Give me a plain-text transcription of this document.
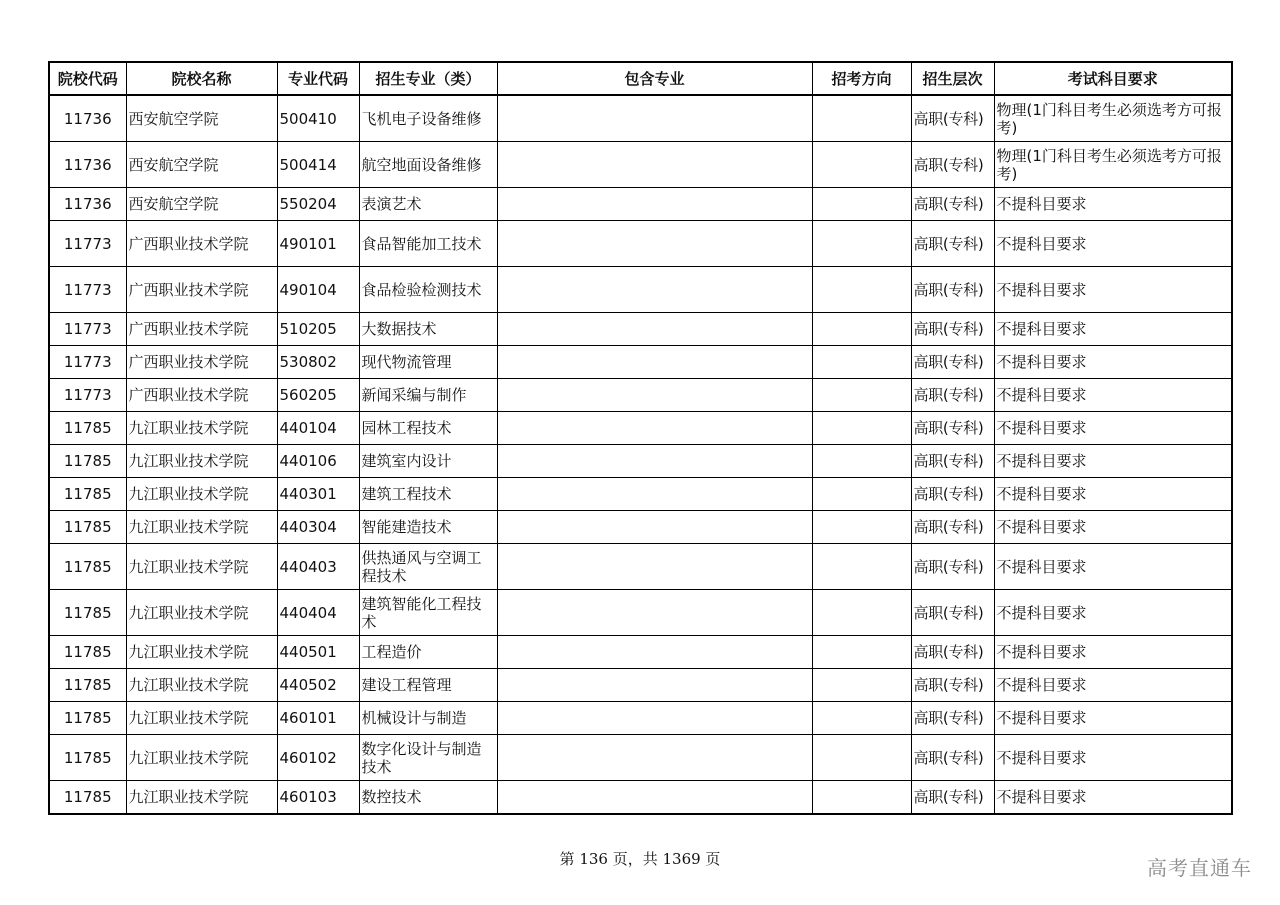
院校代码	院校名称	专业代码	招生专业（类）	包含专业	招考方向	招生层次	考试科目要求
11736	西安航空学院	500410	飞机电子设备维修			高职(专科)	物理(1门科目考生必须选考方可报考)
11736	西安航空学院	500414	航空地面设备维修			高职(专科)	物理(1门科目考生必须选考方可报考)
11736	西安航空学院	550204	表演艺术			高职(专科)	不提科目要求
11773	广西职业技术学院	490101	食品智能加工技术			高职(专科)	不提科目要求
11773	广西职业技术学院	490104	食品检验检测技术			高职(专科)	不提科目要求
11773	广西职业技术学院	510205	大数据技术			高职(专科)	不提科目要求
11773	广西职业技术学院	530802	现代物流管理			高职(专科)	不提科目要求
11773	广西职业技术学院	560205	新闻采编与制作			高职(专科)	不提科目要求
11785	九江职业技术学院	440104	园林工程技术			高职(专科)	不提科目要求
11785	九江职业技术学院	440106	建筑室内设计			高职(专科)	不提科目要求
11785	九江职业技术学院	440301	建筑工程技术			高职(专科)	不提科目要求
11785	九江职业技术学院	440304	智能建造技术			高职(专科)	不提科目要求
11785	九江职业技术学院	440403	供热通风与空调工程技术			高职(专科)	不提科目要求
11785	九江职业技术学院	440404	建筑智能化工程技术			高职(专科)	不提科目要求
11785	九江职业技术学院	440501	工程造价			高职(专科)	不提科目要求
11785	九江职业技术学院	440502	建设工程管理			高职(专科)	不提科目要求
11785	九江职业技术学院	460101	机械设计与制造			高职(专科)	不提科目要求
11785	九江职业技术学院	460102	数字化设计与制造技术			高职(专科)	不提科目要求
11785	九江职业技术学院	460103	数控技术			高职(专科)	不提科目要求
第 136 页，共 1369 页	高考直通车
